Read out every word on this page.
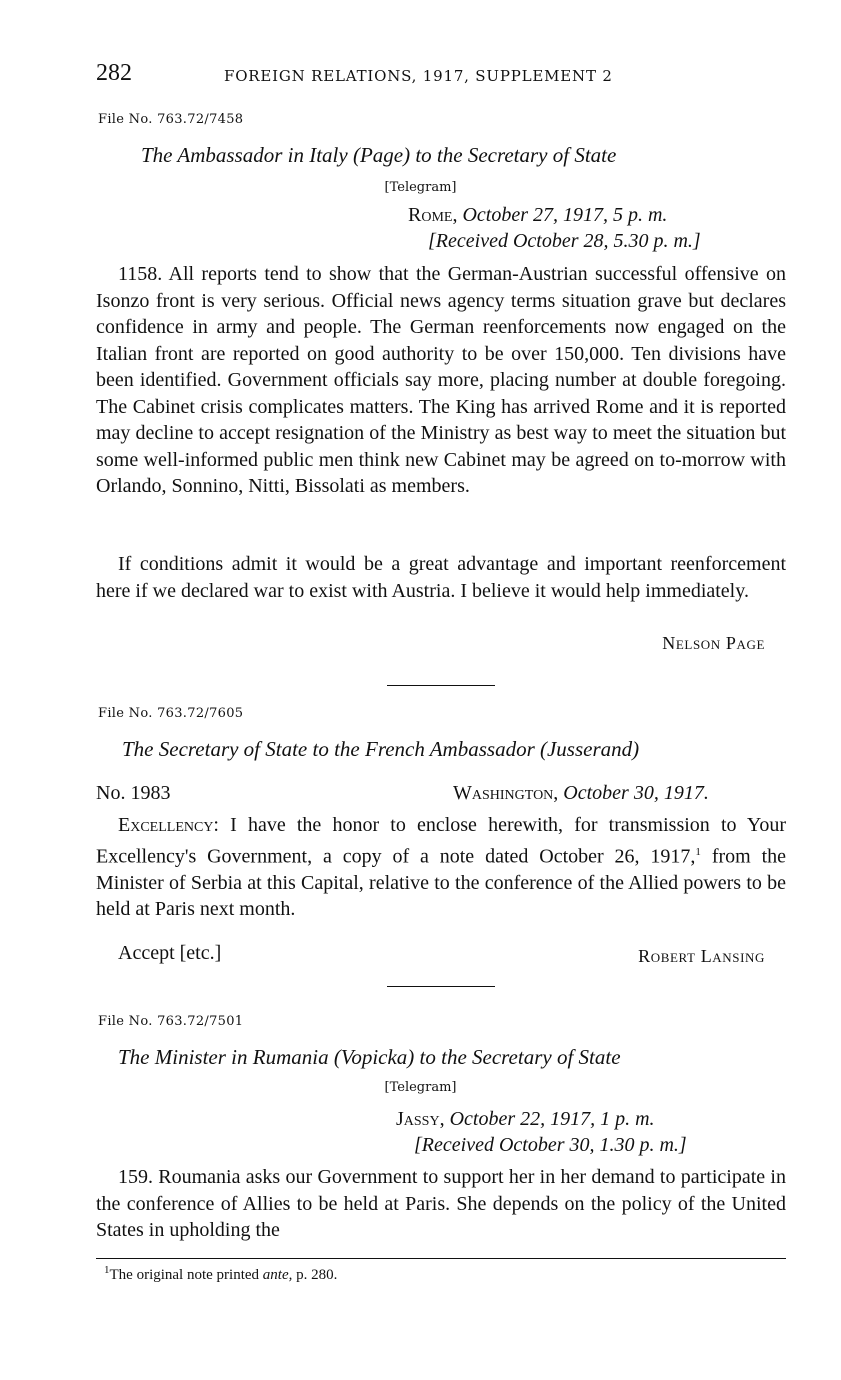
282	FOREIGN RELATIONS, 1917, SUPPLEMENT 2
File No. 763.72/7458
The Ambassador in Italy (Page) to the Secretary of State
[Telegram]
Rome, October 27, 1917, 5 p. m.
[Received October 28, 5.30 p. m.]
1158. All reports tend to show that the German-Austrian successful offensive on Isonzo front is very serious. Official news agency terms situation grave but declares confidence in army and people. The German reenforcements now engaged on the Italian front are reported on good authority to be over 150,000. Ten divisions have been identified. Government officials say more, placing number at double foregoing. The Cabinet crisis complicates matters. The King has arrived Rome and it is reported may decline to accept resignation of the Ministry as best way to meet the situation but some well-informed public men think new Cabinet may be agreed on to-morrow with Orlando, Sonnino, Nitti, Bissolati as members.
If conditions admit it would be a great advantage and important reenforcement here if we declared war to exist with Austria. I believe it would help immediately.
Nelson Page
File No. 763.72/7605
The Secretary of State to the French Ambassador (Jusserand)
No. 1983	Washington, October 30, 1917.
Excellency: I have the honor to enclose herewith, for transmission to Your Excellency's Government, a copy of a note dated October 26, 1917,$^1$ from the Minister of Serbia at this Capital, relative to the conference of the Allied powers to be held at Paris next month.
Accept [etc.]	Robert Lansing
File No. 763.72/7501
The Minister in Rumania (Vopicka) to the Secretary of State
[Telegram]
Jassy, October 22, 1917, 1 p. m.
[Received October 30, 1.30 p. m.]
159. Roumania asks our Government to support her in her demand to participate in the conference of Allies to be held at Paris. She depends on the policy of the United States in upholding the
$^1$The original note printed ante, p. 280.
